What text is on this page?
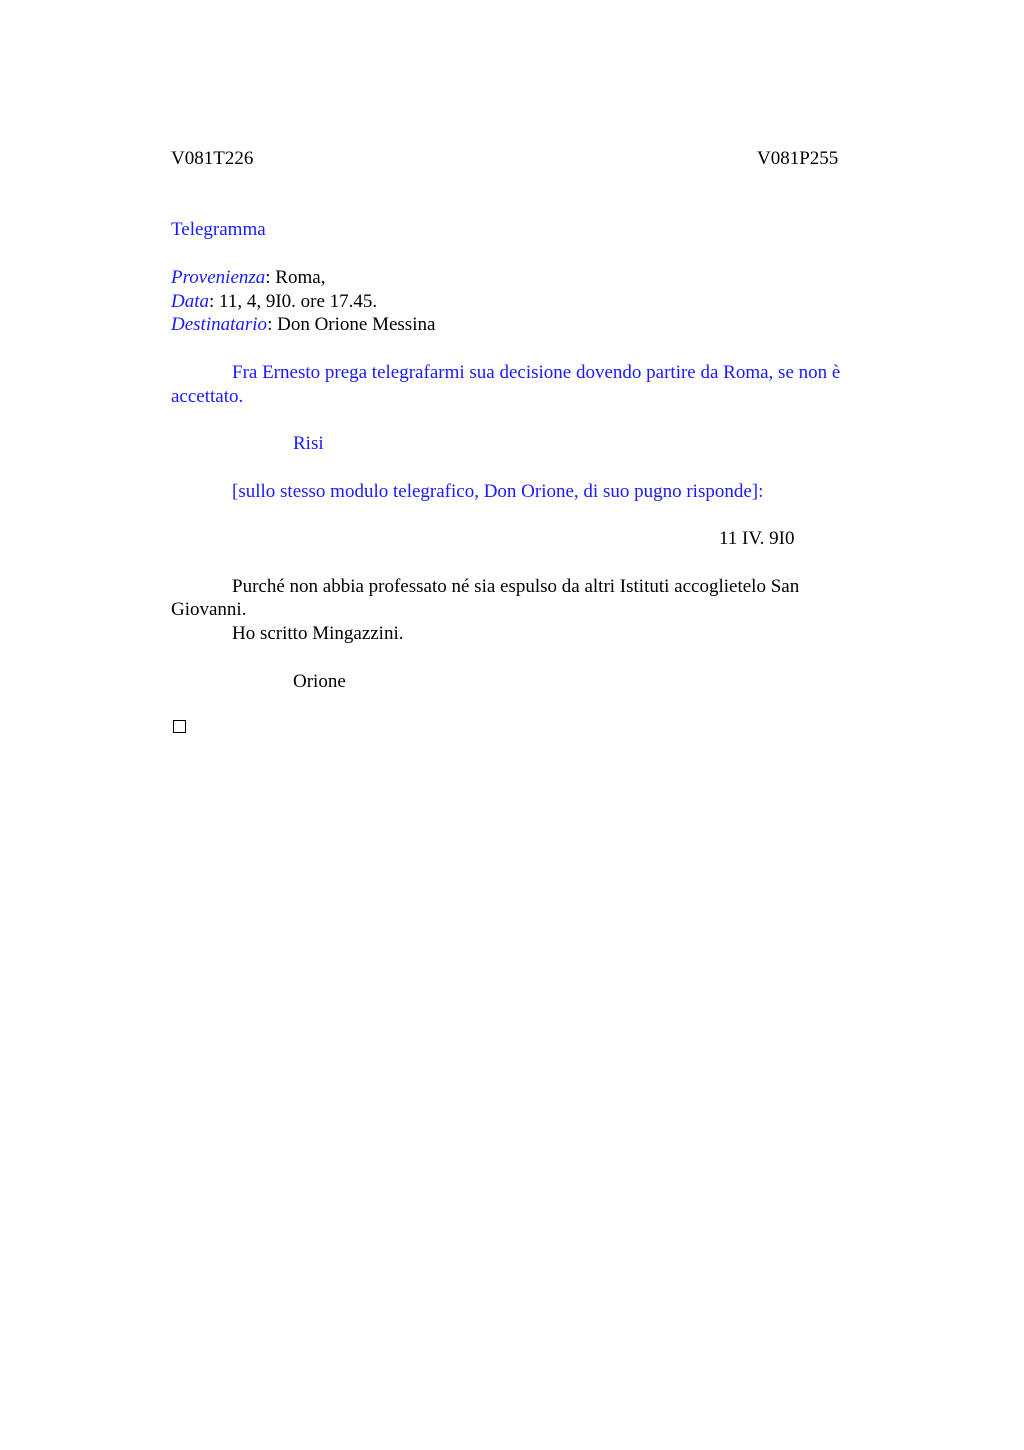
V081T226	V081P255
Telegramma
Provenienza: Roma,
Data: 11, 4, 9I0. ore 17.45.
Destinatario: Don Orione Messina
Fra Ernesto prega telegrafarmi sua decisione dovendo partire da Roma, se non è
accettato.
Risi
[sullo stesso modulo telegrafico, Don Orione, di suo pugno risponde]:
11 IV. 9I0
Purché non abbia professato né sia espulso da altri Istituti accoglietelo San
Giovanni.
Ho scritto Mingazzini.
Orione
